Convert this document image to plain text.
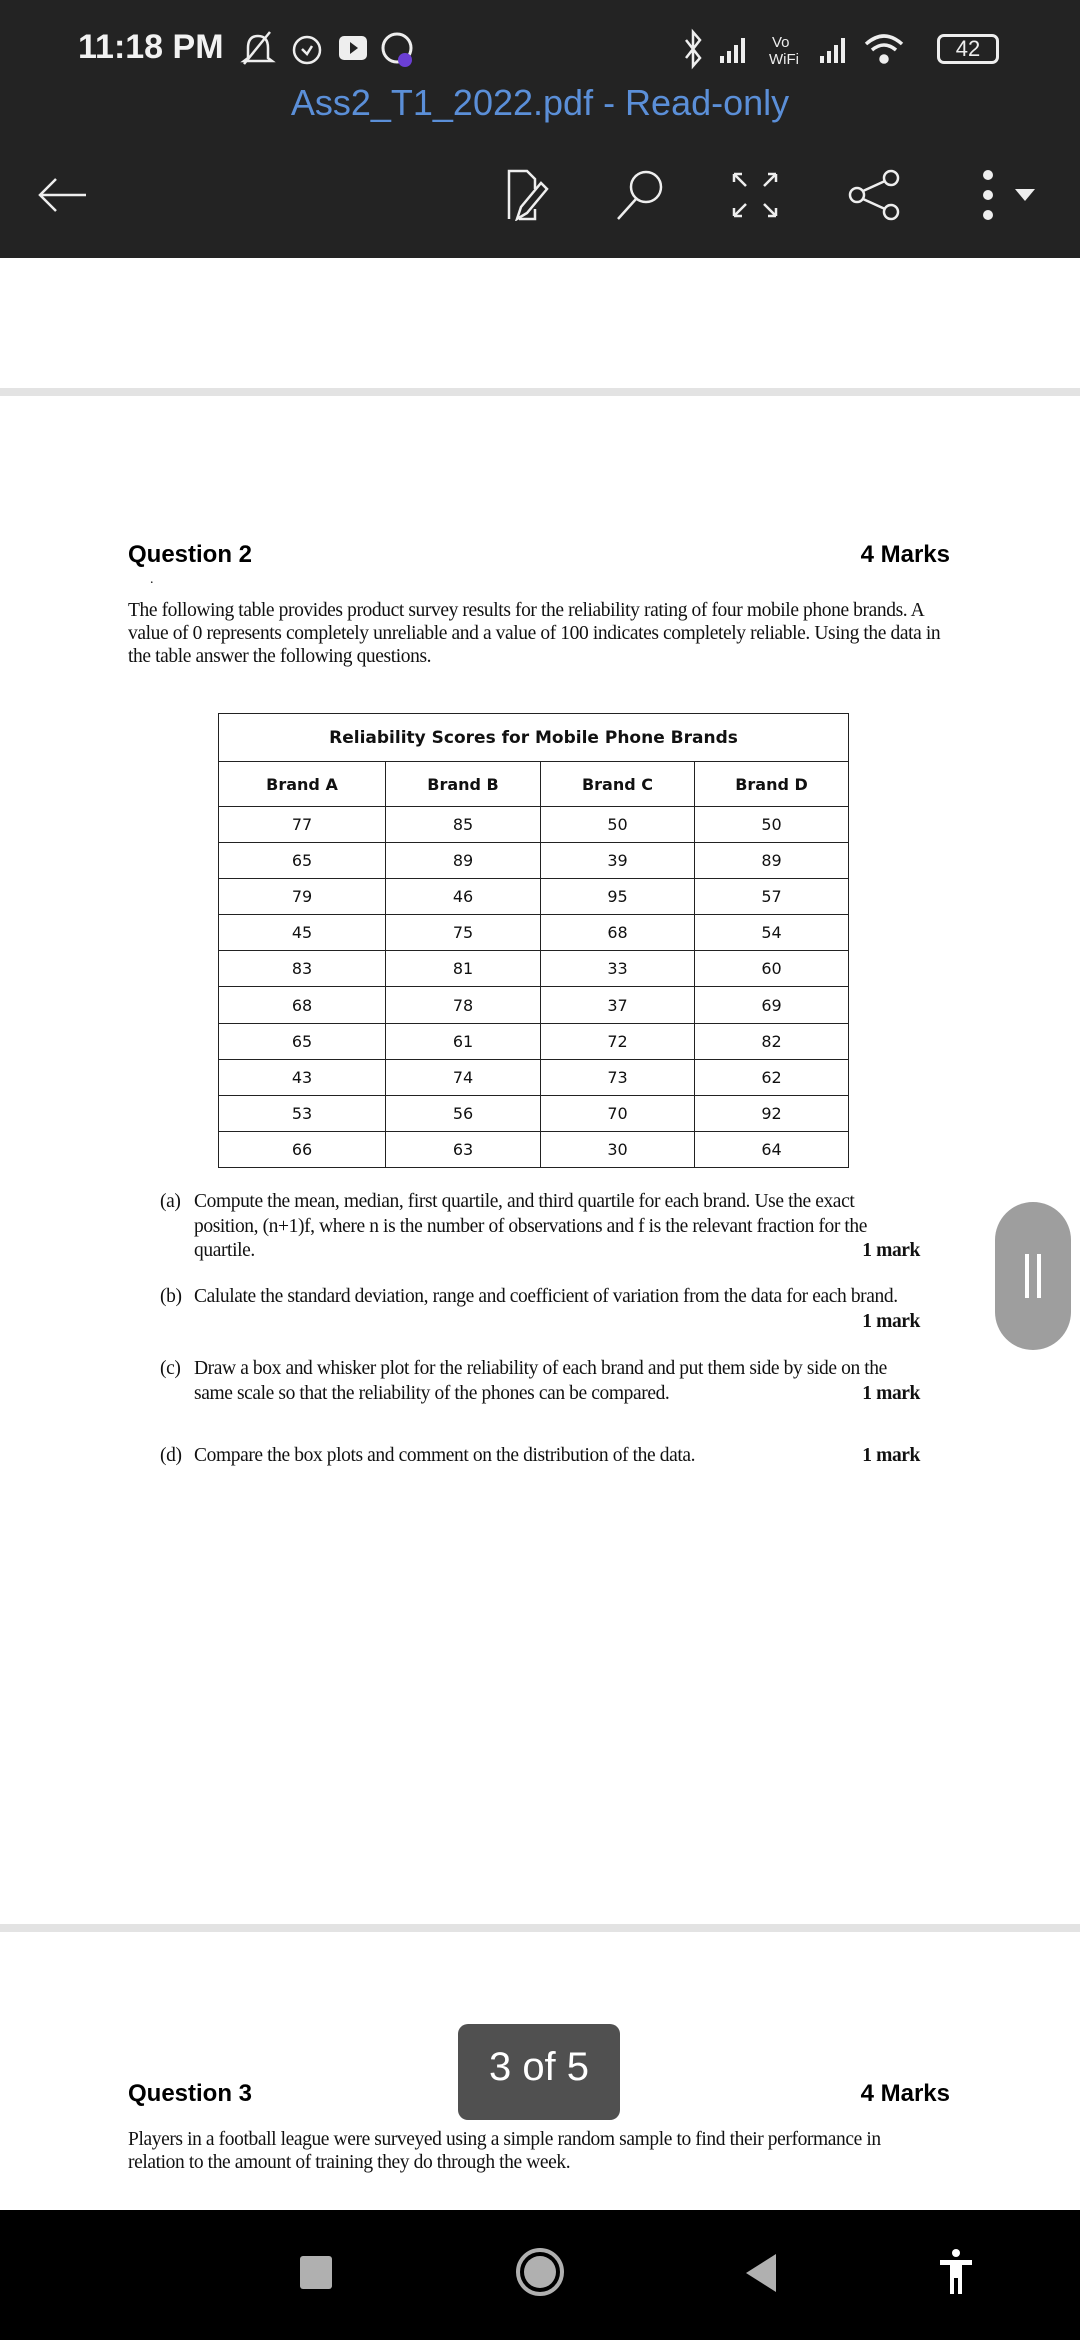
11:18 PM	Vo
WiFi	42
Ass2_T1_2022.pdf - Read-only
Question 2	4 Marks
.
The following table provides product survey results for the reliability rating of four mobile phone brands. A value of 0 represents completely unreliable and a value of 100 indicates completely reliable. Using the data in the table answer the following questions.
Reliability Scores for Mobile Phone Brands			
Brand A	Brand B	Brand C	Brand D
77	85	50	50
65	89	39	89
79	46	95	57
45	75	68	54
83	81	33	60
68	78	37	69
65	61	72	82
43	74	73	62
53	56	70	92
66	63	30	64
(a) Compute the mean, median, first quartile, and third quartile for each brand. Use the exact position, (n+1)f, where n is the number of observations and f is the relevant fraction for the quartile.	1 mark
(b) Calulate the standard deviation, range and coefficient of variation from the data for each brand.
1 mark
(c) Draw a box and whisker plot for the reliability of each brand and put them side by side on the same scale so that the reliability of the phones can be compared.	1 mark
(d) Compare the box plots and comment on the distribution of the data.	1 mark
Question 3	4 Marks
Players in a football league were surveyed using a simple random sample to find their performance in relation to the amount of training they do through the week.
3 of 5
